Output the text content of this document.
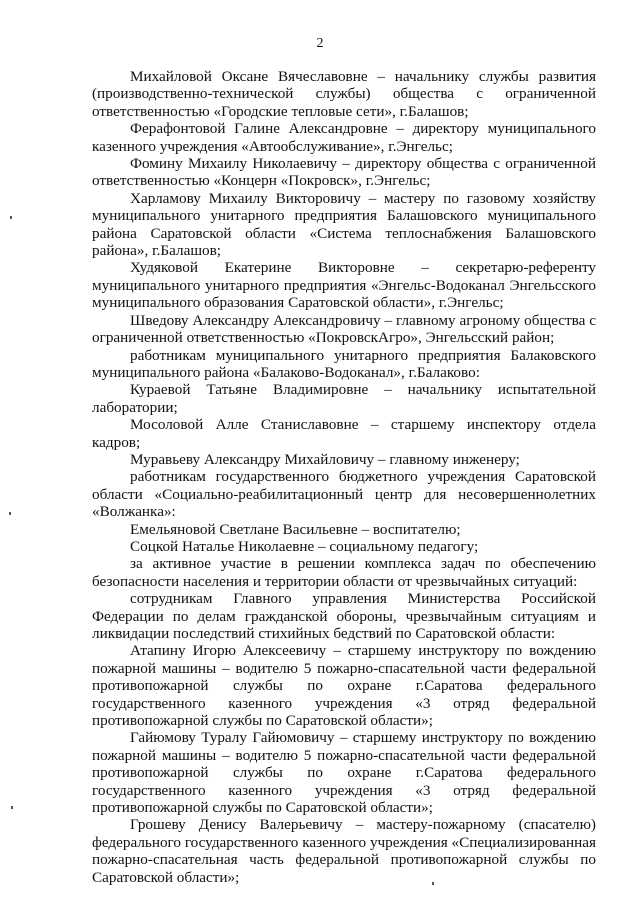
2

Михайловой Оксане Вячеславовне – начальнику службы развития (производственно-технической службы) общества с ограниченной ответственностью «Городские тепловые сети», г.Балашов;

Ферафонтовой Галине Александровне – директору муниципального казенного учреждения «Автообслуживание», г.Энгельс;

Фомину Михаилу Николаевичу – директору общества с ограниченной ответственностью «Концерн «Покровск», г.Энгельс;

Харламову Михаилу Викторовичу – мастеру по газовому хозяйству муниципального унитарного предприятия Балашовского муниципального района Саратовской области «Система теплоснабжения Балашовского района», г.Балашов;

Худяковой Екатерине Викторовне – секретарю-референту муниципального унитарного предприятия «Энгельс-Водоканал Энгельсского муниципального образования Саратовской области», г.Энгельс;

Шведову Александру Александровичу – главному агроному общества с ограниченной ответственностью «ПокровскАгро», Энгельсский район;

работникам муниципального унитарного предприятия Балаковского муниципального района «Балаково-Водоканал», г.Балаково:

Кураевой Татьяне Владимировне – начальнику испытательной лаборатории;

Мосоловой Алле Станиславовне – старшему инспектору отдела кадров;

Муравьеву Александру Михайловичу – главному инженеру;

работникам государственного бюджетного учреждения Саратовской области «Социально-реабилитационный центр для несовершеннолетних «Волжанка»:

Емельяновой Светлане Васильевне – воспитателю;

Соцкой Наталье Николаевне – социальному педагогу;

за активное участие в решении комплекса задач по обеспечению безопасности населения и территории области от чрезвычайных ситуаций:

сотрудникам Главного управления Министерства Российской Федерации по делам гражданской обороны, чрезвычайным ситуациям и ликвидации последствий стихийных бедствий по Саратовской области:

Атапину Игорю Алексеевичу – старшему инструктору по вождению пожарной машины – водителю 5 пожарно-спасательной части федеральной противопожарной службы по охране г.Саратова федерального государственного казенного учреждения «3 отряд федеральной противопожарной службы по Саратовской области»;

Гайюмову Туралу Гайюмовичу – старшему инструктору по вождению пожарной машины – водителю 5 пожарно-спасательной части федеральной противопожарной службы по охране г.Саратова федерального государственного казенного учреждения «3 отряд федеральной противопожарной службы по Саратовской области»;

Грошеву Денису Валерьевичу – мастеру-пожарному (спасателю) федерального государственного казенного учреждения «Специализированная пожарно-спасательная часть федеральной противопожарной службы по Саратовской области»;
